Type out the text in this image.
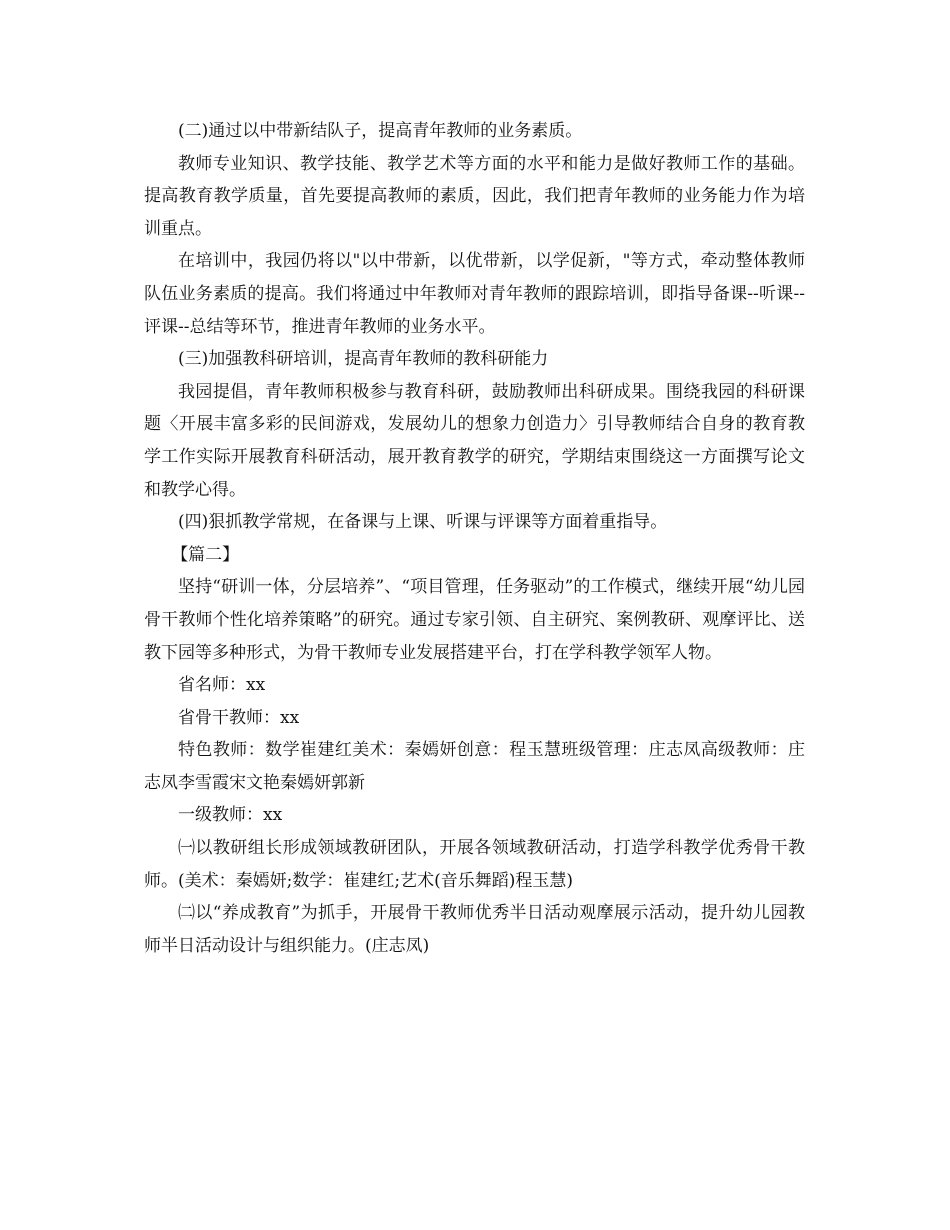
(二)通过以中带新结队子，提高青年教师的业务素质。

教师专业知识、教学技能、教学艺术等方面的水平和能力是做好教师工作的基础。提高教育教学质量，首先要提高教师的素质，因此，我们把青年教师的业务能力作为培训重点。

在培训中，我园仍将以"以中带新，以优带新，以学促新，"等方式，牵动整体教师队伍业务素质的提高。我们将通过中年教师对青年教师的跟踪培训，即指导备课--听课--评课--总结等环节，推进青年教师的业务水平。

(三)加强教科研培训，提高青年教师的教科研能力

我园提倡，青年教师积极参与教育科研，鼓励教师出科研成果。围绕我园的科研课题〈开展丰富多彩的民间游戏，发展幼儿的想象力创造力〉引导教师结合自身的教育教学工作实际开展教育科研活动，展开教育教学的研究，学期结束围绕这一方面撰写论文和教学心得。

(四)狠抓教学常规，在备课与上课、听课与评课等方面着重指导。

【篇二】

坚持“研训一体，分层培养”、“项目管理，任务驱动”的工作模式，继续开展“幼儿园骨干教师个性化培养策略”的研究。通过专家引领、自主研究、案例教研、观摩评比、送教下园等多种形式，为骨干教师专业发展搭建平台，打在学科教学领军人物。

省名师：xx

省骨干教师：xx

特色教师：数学崔建红美术：秦嫣妍创意：程玉慧班级管理：庄志凤高级教师：庄志凤李雪霞宋文艳秦嫣妍郭新

一级教师：xx

㈠以教研组长形成领域教研团队，开展各领域教研活动，打造学科教学优秀骨干教师。(美术：秦嫣妍;数学：崔建红;艺术(音乐舞蹈)程玉慧)

㈡以“养成教育”为抓手，开展骨干教师优秀半日活动观摩展示活动，提升幼儿园教师半日活动设计与组织能力。(庄志凤)
